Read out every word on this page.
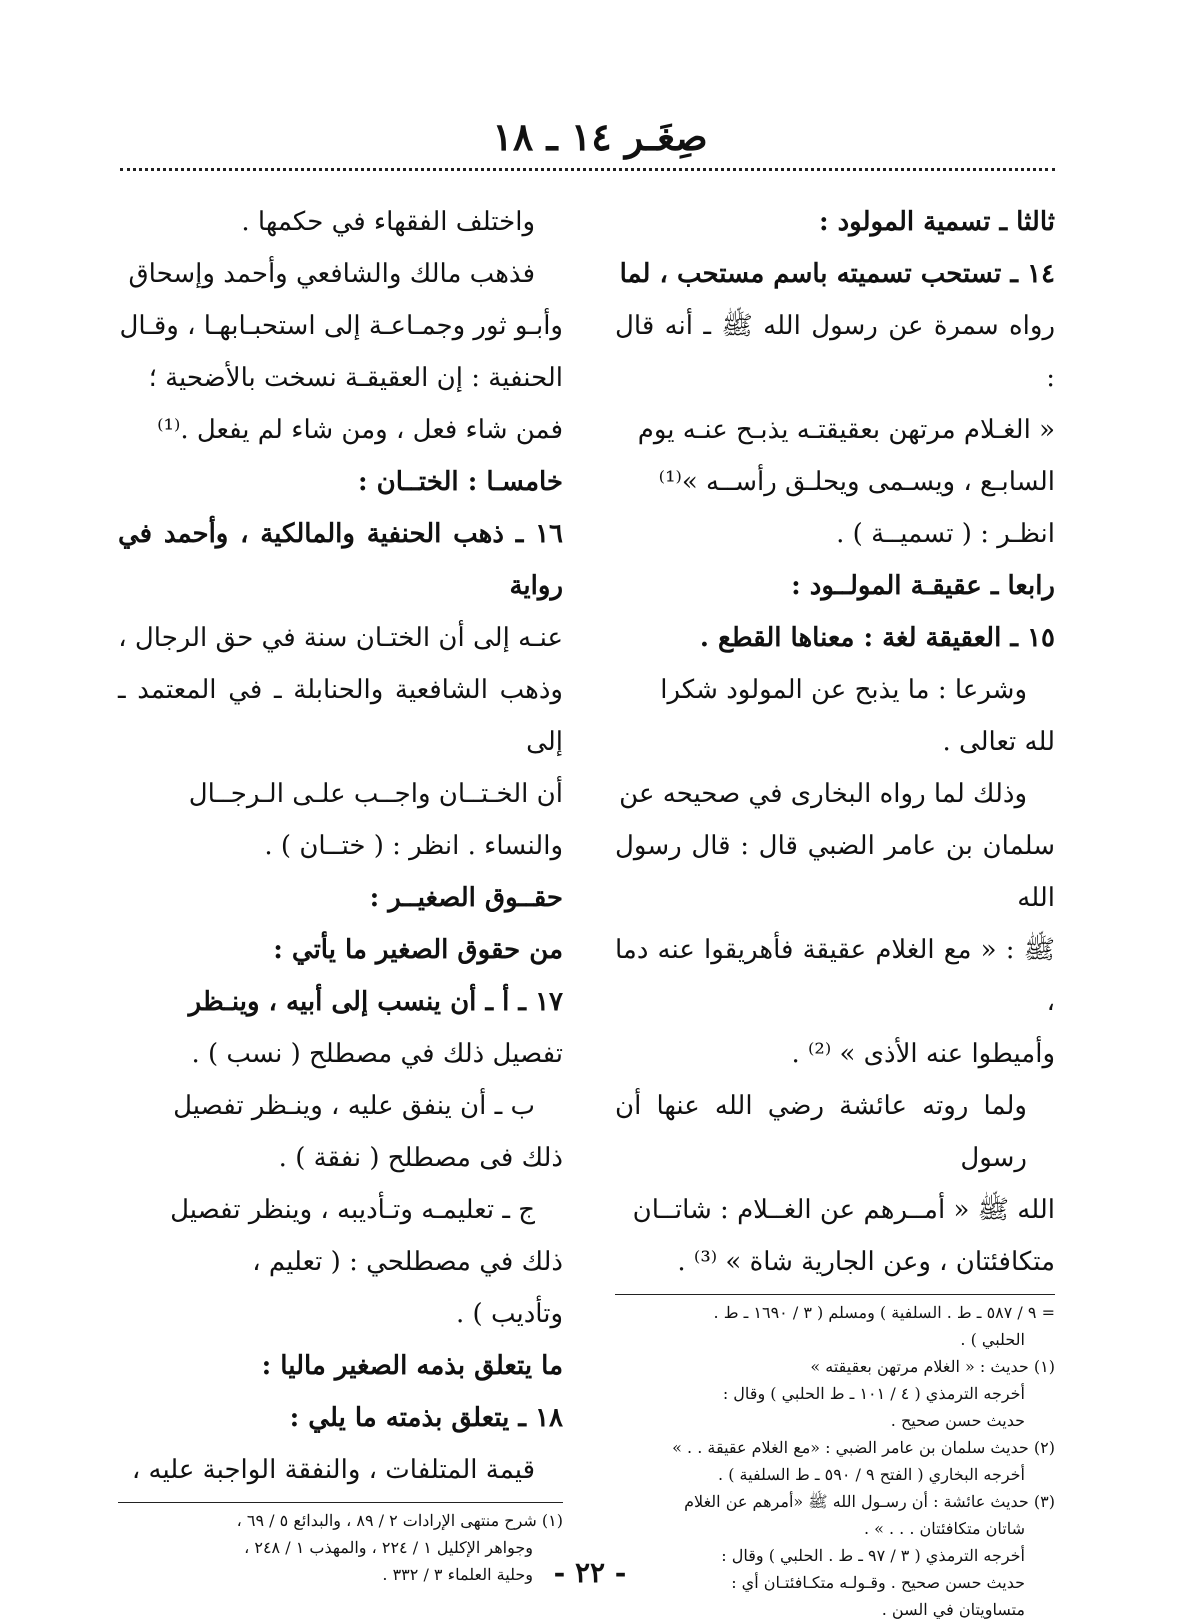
صِغَـر ١٤ ـ ١٨

ثالثا ـ تسمية المولود :

١٤ ـ تستحب تسميته باسم مستحب ، لما

رواه سمرة عن رسول الله ﷺ ـ أنه قال :

« الغـلام مرتهن بعقيقتـه يذبـح عنـه يوم

السابـع ، ويسـمى ويحلـق رأســه »⁽¹⁾

انظـر : ( تسميــة ) .

رابعا ـ عقيقـة المولــود :

١٥ ـ العقيقة لغة : معناها القطع .

وشرعا : ما يذبح عن المولود شكرا

لله تعالى .

وذلك لما رواه البخارى في صحيحه عن

سلمان بن عامر الضبي قال : قال رسول الله

ﷺ : « مع الغلام عقيقة فأهريقوا عنه دما ،

وأميطوا عنه الأذى » ⁽²⁾ .

ولما روته عائشة رضي الله عنها أن رسول

الله ﷺ « أمــرهم عن الغــلام : شاتــان

متكافئتان ، وعن الجارية شاة » ⁽³⁾ .

= ٩ / ٥٨٧ ـ ط . السلفية ) ومسلم ( ٣ / ١٦٩٠ ـ ط .

الحلبي ) .

(١) حديث : « الغلام مرتهن بعقيقته »

أخرجه الترمذي ( ٤ / ١٠١ ـ ط الحلبي ) وقال :

حديث حسن صحيح .

(٢) حديث سلمان بن عامر الضبي : «مع الغلام عقيقة . . »

أخرجه البخاري ( الفتح ٩ / ٥٩٠ ـ ط السلفية ) .

(٣) حديث عائشة : أن رسـول الله ﷺ «أمرهم عن الغلام

شاتان متكافئتان . . . » .

أخرجه الترمذي ( ٣ / ٩٧ ـ ط . الحلبي ) وقال :

حديث حسن صحيح . وقـولـه متكـافئتـان أي :

متساويتان في السن .

واختلف الفقهاء في حكمها .

فذهب مالك والشافعي وأحمد وإسحاق

وأبـو ثور وجمـاعـة إلى استحبـابهـا ، وقـال

الحنفية : إن العقيقـة نسخت بالأضحية ؛

فمن شاء فعل ، ومن شاء لم يفعل .⁽¹⁾

خامسـا : الختــان :

١٦ ـ ذهب الحنفية والمالكية ، وأحمد في رواية

عنـه إلى أن الختـان سنة في حق الرجال ،

وذهب الشافعية والحنابلة ـ في المعتمد ـ إلى

أن الخـتــان واجــب علـى الـرجــال

والنساء . انظر : ( ختــان ) .

حقــوق الصغيــر :

من حقوق الصغير ما يأتي :

١٧ ـ أ ـ أن ينسب إلى أبيه ، وينـظر

تفصيل ذلك في مصطلح ( نسب ) .

ب ـ أن ينفق عليه ، وينـظر تفصيل

ذلك فى مصطلح ( نفقة ) .

ج ـ تعليمـه وتـأديبه ، وينظر تفصيل

ذلك في مصطلحي : ( تعليم ،

وتأديب ) .

ما يتعلق بذمه الصغير ماليا :

١٨ ـ يتعلق بذمته ما يلي :

قيمة المتلفات ، والنفقة الواجبة عليه ،

(١) شرح منتهى الإرادات ٢ / ٨٩ ، والبدائع ٥ / ٦٩ ،

وجواهر الإكليل ١ / ٢٢٤ ، والمهذب ١ / ٢٤٨ ،

وحلية العلماء ٣ / ٣٣٢ . - ٢٢ -
